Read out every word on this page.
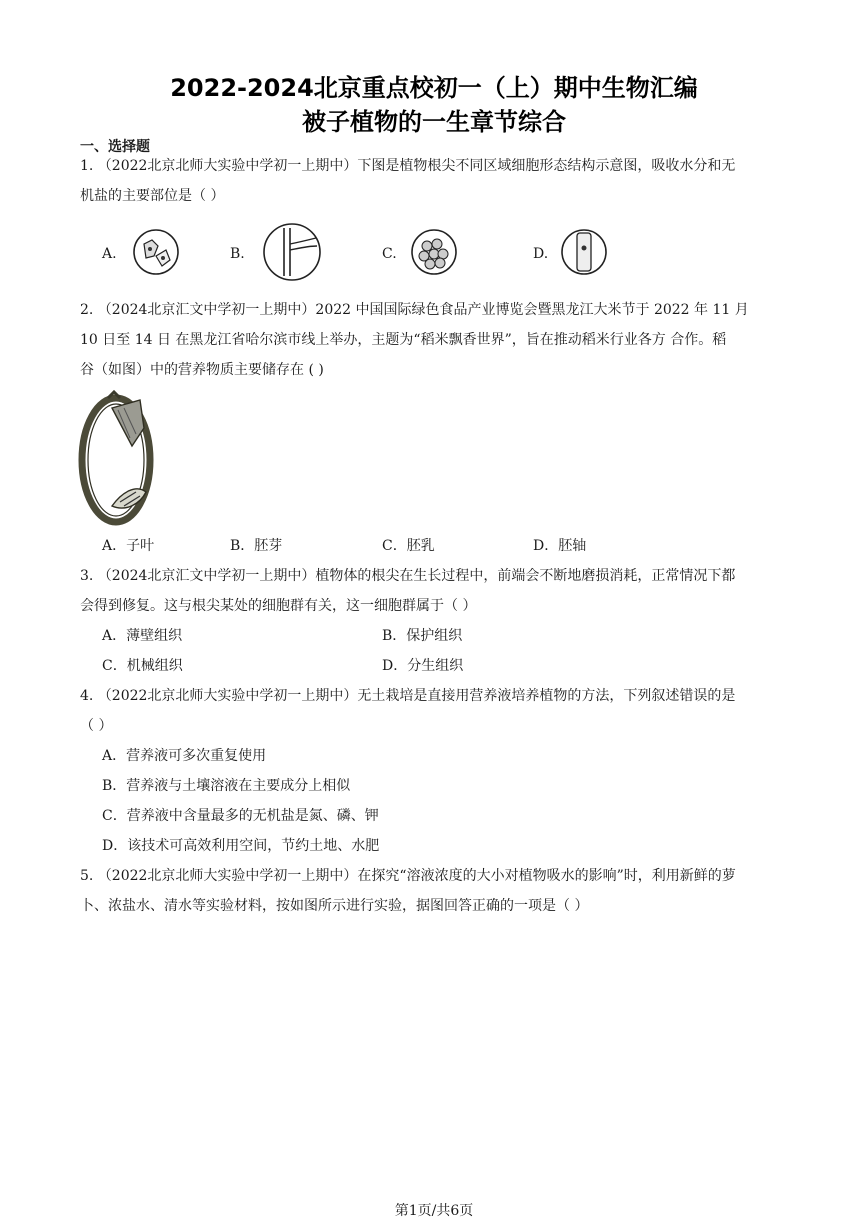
2022-2024北京重点校初一（上）期中生物汇编
被子植物的一生章节综合
一、选择题
1. （2022北京北师大实验中学初一上期中）下图是植物根尖不同区域细胞形态结构示意图，吸收水分和无
机盐的主要部位是（ ）
A.	B.	C.	D.
2. （2024北京汇文中学初一上期中）2022 中国国际绿色食品产业博览会暨黑龙江大米节于 2022 年 11 月
10 日至 14 日 在黑龙江省哈尔滨市线上举办，主题为“稻米飘香世界”，旨在推动稻米行业各方 合作。稻
谷（如图）中的营养物质主要储存在 ( )
A．子叶	B．胚芽	C．胚乳	D．胚轴
3. （2024北京汇文中学初一上期中）植物体的根尖在生长过程中，前端会不断地磨损消耗，正常情况下都
会得到修复。这与根尖某处的细胞群有关，这一细胞群属于（ ）
A．薄壁组织	B．保护组织
C．机械组织	D．分生组织
4. （2022北京北师大实验中学初一上期中）无土栽培是直接用营养液培养植物的方法，下列叙述错误的是
（ ）
A．营养液可多次重复使用
B．营养液与土壤溶液在主要成分上相似
C．营养液中含量最多的无机盐是氮、磷、钾
D．该技术可高效利用空间，节约土地、水肥
5. （2022北京北师大实验中学初一上期中）在探究“溶液浓度的大小对植物吸水的影响”时，利用新鲜的萝
卜、浓盐水、清水等实验材料，按如图所示进行实验，据图回答正确的一项是（ ）
第1页/共6页
